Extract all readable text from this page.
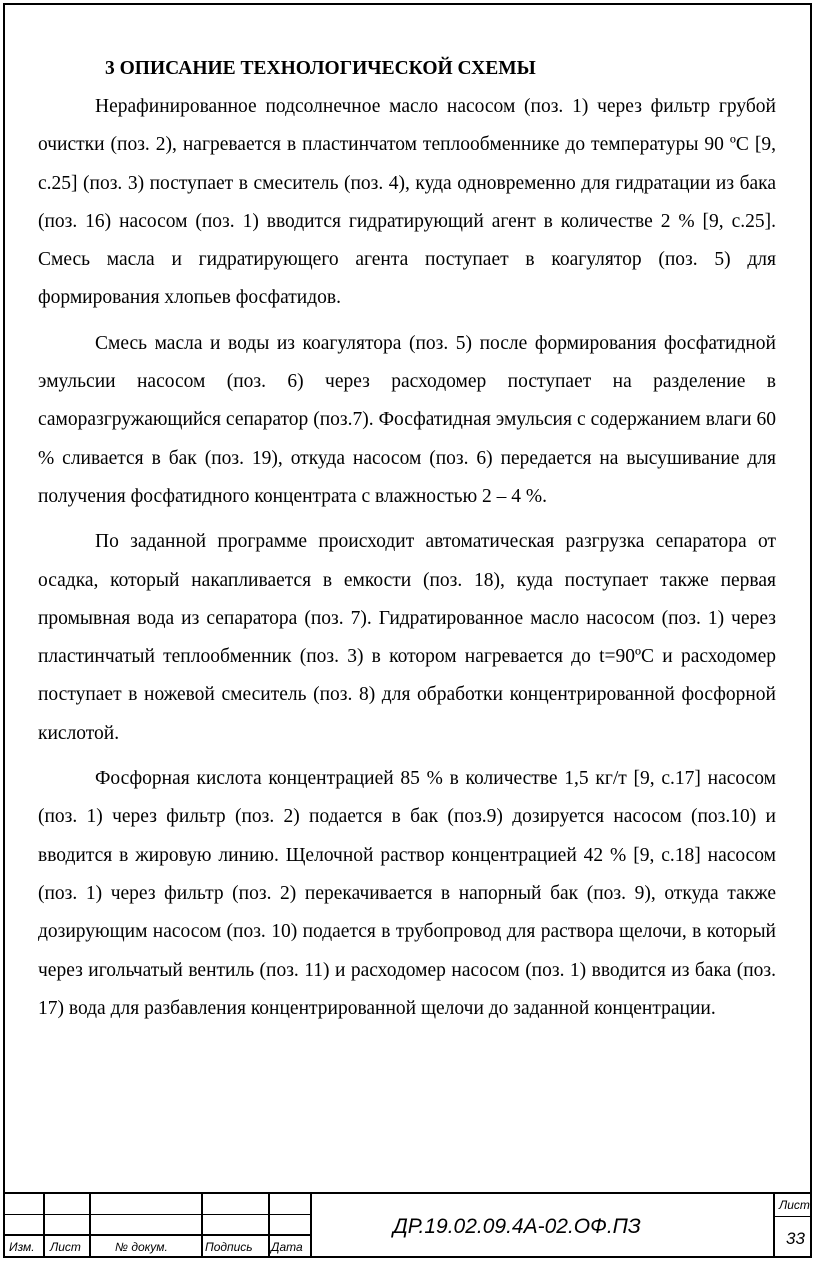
3 ОПИСАНИЕ ТЕХНОЛОГИЧЕСКОЙ СХЕМЫ

Нерафинированное подсолнечное масло насосом (поз. 1) через фильтр грубой очистки (поз. 2), нагревается в пластинчатом теплообменнике до температуры 90 ºС [9, с.25] (поз. 3) поступает в смеситель (поз. 4), куда одновременно для гидратации из бака (поз. 16) насосом (поз. 1) вводится гидратирующий агент в количестве 2 % [9, с.25]. Смесь масла и гидратирующего агента поступает в коагулятор (поз. 5) для формирования хлопьев фосфатидов.

Смесь масла и воды из коагулятора (поз. 5) после формирования фосфатидной эмульсии насосом (поз. 6) через расходомер поступает на разделение в саморазгружающийся сепаратор (поз.7). Фосфатидная эмульсия с содержанием влаги 60 % сливается в бак (поз. 19), откуда насосом (поз. 6) передается на высушивание для получения фосфатидного концентрата с влажностью 2 – 4 %.

По заданной программе происходит автоматическая разгрузка сепаратора от осадка, который накапливается в емкости (поз. 18), куда поступает также первая промывная вода из сепаратора (поз. 7). Гидратированное масло насосом (поз. 1) через пластинчатый теплообменник (поз. 3) в котором нагревается до t=90ºС и расходомер поступает в ножевой смеситель (поз. 8) для обработки концентрированной фосфорной кислотой.

Фосфорная кислота концентрацией 85 % в количестве 1,5 кг/т [9, с.17] насосом (поз. 1) через фильтр (поз. 2) подается в бак (поз.9) дозируется насосом (поз.10) и вводится в жировую линию. Щелочной раствор концентрацией 42 % [9, с.18] насосом (поз. 1) через фильтр (поз. 2) перекачивается в напорный бак (поз. 9), откуда также дозирующим насосом (поз. 10) подается в трубопровод для раствора щелочи, в который через игольчатый вентиль (поз. 11) и расходомер насосом (поз. 1) вводится из бака (поз. 17) вода для разбавления концентрированной щелочи до заданной концентрации.

Изм. Лист	№ докум.	Подпись Дата
ДР.19.02.09.4А-02.ОФ.ПЗ
Лист
33
